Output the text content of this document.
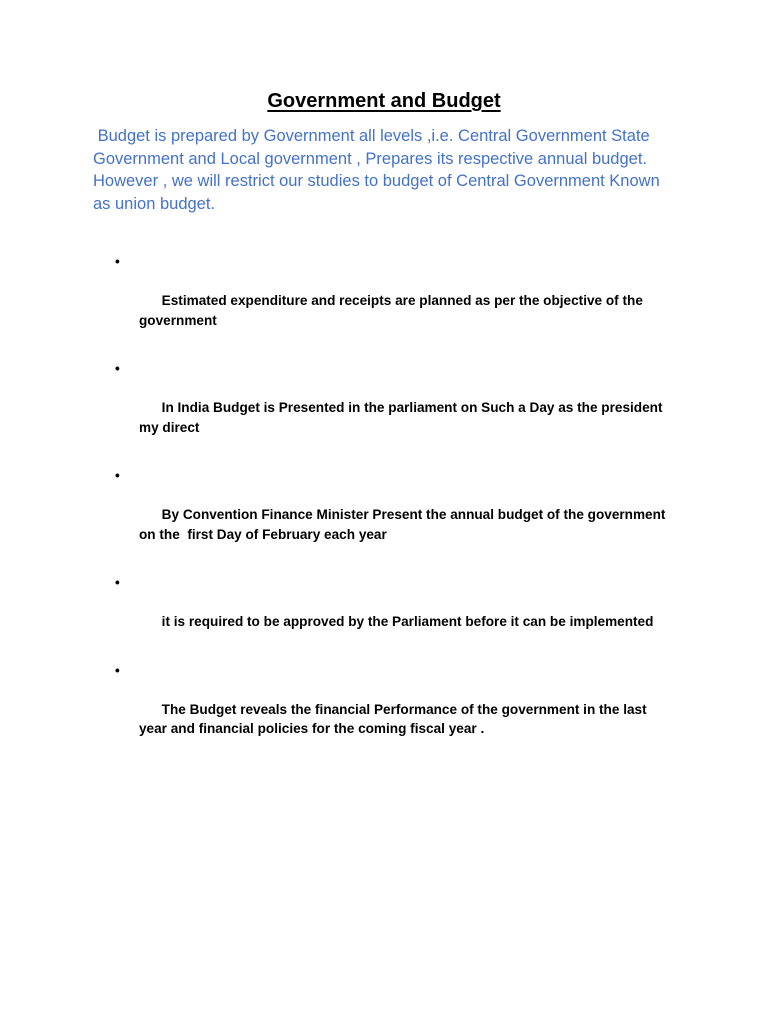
Government and Budget

Budget is prepared by Government all levels ,i.e. Central Government State Government and Local government , Prepares its respective annual budget. However , we will restrict our studies to budget of Central Government Known as union budget.

•

Estimated expenditure and receipts are planned as per the objective of the government

•

In India Budget is Presented in the parliament on Such a Day as the president my direct

•

By Convention Finance Minister Present the annual budget of the government on the  first Day of February each year

•

it is required to be approved by the Parliament before it can be implemented

•

The Budget reveals the financial Performance of the government in the last year and financial policies for the coming fiscal year .
